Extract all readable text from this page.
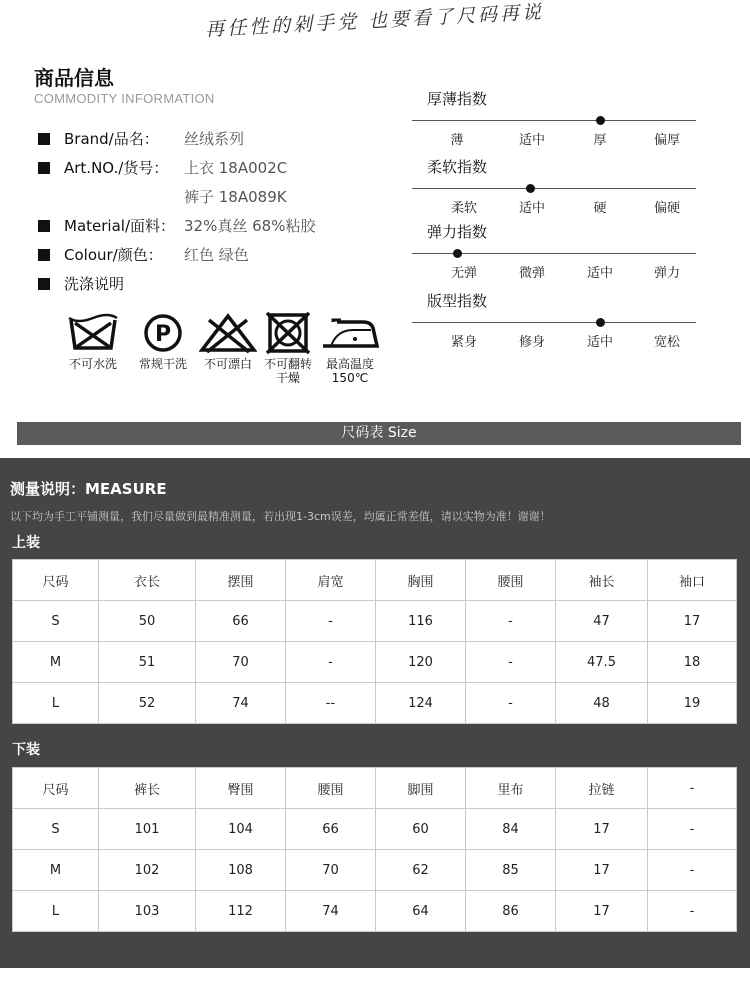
再任性的剁手党 也要看了尺码再说
商品信息
COMMODITY INFORMATION
Brand/品名： 丝绒系列
Art.NO./货号： 上衣 18A002C
裤子 18A089K
Material/面料： 32%真丝 68%粘胶
Colour/颜色： 红色 绿色
洗涤说明
不可水洗
P
常规干洗	不可漂白 不可翻转
干燥
最高温度
150℃
厚薄指数
薄	适中	厚	偏厚
柔软指数
柔软	适中	硬	偏硬
弹力指数
无弹	微弹	适中	弹力
版型指数
紧身	修身	适中	宽松
尺码表 Size
测量说明：MEASURE
以下均为手工平铺测量，我们尽量做到最精准测量，若出现1-3cm误差，均属正常差值，请以实物为准！谢谢！
上装
尺码	衣长	摆围	肩宽	胸围	腰围	袖长	袖口
S	50	66	-	116	-	47	17
M	51	70	-	120	-	47.5	18
L	52	74	--	124	-	48	19
下装
尺码	裤长	臀围	腰围	脚围	里布	拉链	-
S	101	104	66	60	84	17	-
M	102	108	70	62	85	17	-
L	103	112	74	64	86	17	-
